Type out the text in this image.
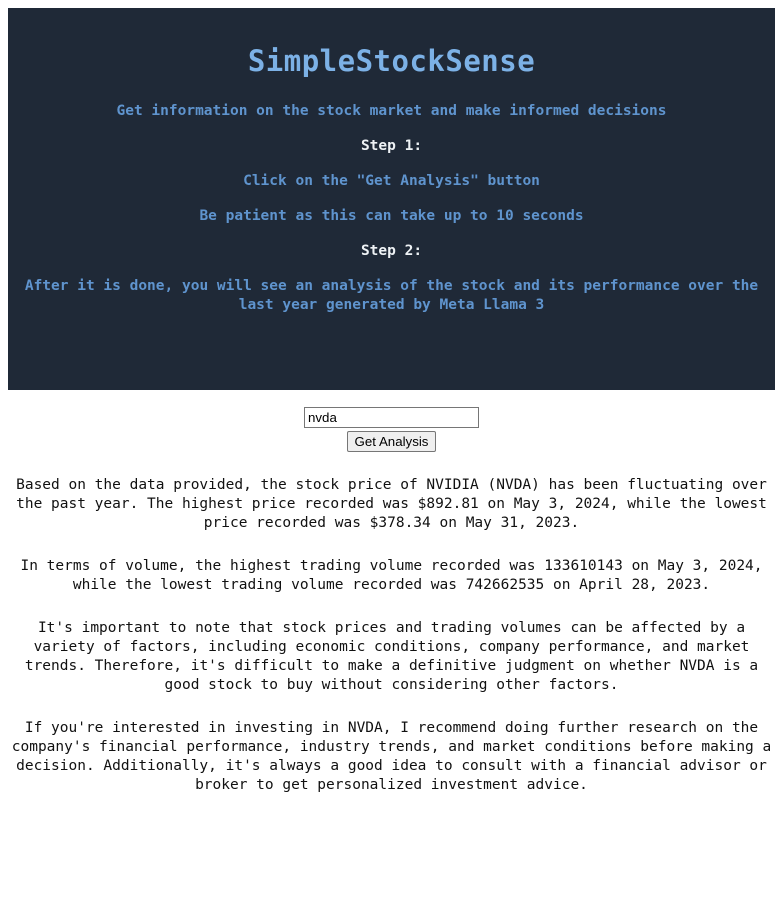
SimpleStockSense

Get information on the stock market and make informed decisions

Step 1:

Click on the "Get Analysis" button

Be patient as this can take up to 10 seconds

Step 2:

After it is done, you will see an analysis of the stock and its performance over the last year generated by Meta Llama 3

nvda
Get Analysis

Based on the data provided, the stock price of NVIDIA (NVDA) has been fluctuating over the past year. The highest price recorded was $892.81 on May 3, 2024, while the lowest price recorded was $378.34 on May 31, 2023.

In terms of volume, the highest trading volume recorded was 133610143 on May 3, 2024, while the lowest trading volume recorded was 742662535 on April 28, 2023.

It's important to note that stock prices and trading volumes can be affected by a variety of factors, including economic conditions, company performance, and market trends. Therefore, it's difficult to make a definitive judgment on whether NVDA is a good stock to buy without considering other factors.

If you're interested in investing in NVDA, I recommend doing further research on the company's financial performance, industry trends, and market conditions before making a decision. Additionally, it's always a good idea to consult with a financial advisor or broker to get personalized investment advice.
